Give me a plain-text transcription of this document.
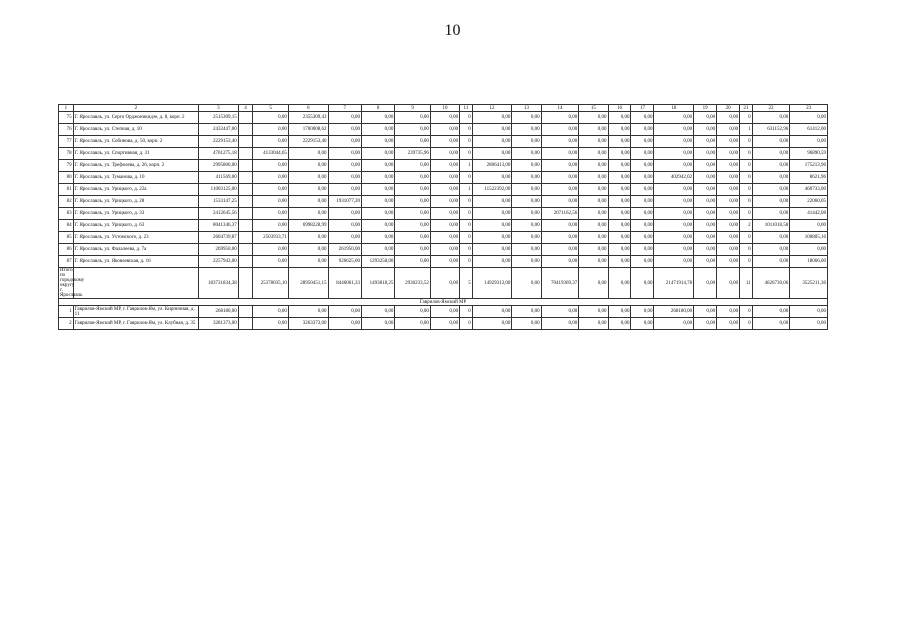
10
1	2	3	4	5	6	7	8	9	10	11	12	13	14	15	16	17	18	19	20	21	22	23
75	Г. Ярославль, ул. Серго Орджоникидзе, д. 8, корп. 2	2515309,15		0,00	2355309,43	0,00	0,00	0,00	0,00	0	0,00	0,00	0,00	0,00	0,00	0,00	0,00	0,00	0,00	0	0,00	0,00
76	Г. Ярославль, ул. Степная, д. 10	2432447,00		0,00	1700008,62	0,00	0,00	0,00	0,00	0	0,00	0,00	0,00	0,00	0,00	0,00	0,00	0,00	0,00	1	631152,96	61412,00
77	Г. Ярославль, ул. Собинова, д. 50, корп. 2	2229153,40		0,00	2229153,40	0,00	0,00	0,00	0,00	0	0,00	0,00	0,00	0,00	0,00	0,00	0,00	0,00	0,00	0	0,00	0,00
78	Г. Ярославль, ул. Спортивная, д. 31	4701275,18		4133044,65	0,00	0,00	0,00	239735,96	0,00	0	0,00	0,00	0,00	0,00	0,00	0,00	0,00	0,00	0,00	0	0,00	96890,59
79	Г. Ярославль, ул. Трефолева, д. 26, корп. 2	2995800,00		0,00	0,00	0,00	0,00	0,00	0,00	1	2806413,00	0,00	0,00	0,00	0,00	0,00	0,00	0,00	0,00	0	0,00	175213,96
80	Г. Ярославль, ул. Туманова, д. 10	411569,00		0,00	0,00	0,00	0,00	0,00	0,00	0	0,00	0,00	0,00	0,00	0,00	0,00	402942,02	0,00	0,00	0	0,00	8621,96
81	Г. Ярославль, ул. Урицкого, д. 22а	11003125,00		0,00	0,00	0,00	0,00	0,00	0,00	1	11522392,00	0,00	0,00	0,00	0,00	0,00	0,00	0,00	0,00	0	0,00	460733,00
82	Г. Ярославль, ул. Урицкого, д. 28	1533147,25		0,00	0,00	1931077,20	0,00	0,00	0,00	0	0,00	0,00	0,00	0,00	0,00	0,00	0,00	0,00	0,00	0	0,00	22060,05
83	Г. Ярославль, ул. Урицкого, д. 33	2412645,56		0,00	0,00	0,00	0,00	0,00	0,00	0	0,00	0,00	2071162,56	0,00	0,00	0,00	0,00	0,00	0,00	0	0,00	41442,08
84	Г. Ярославль, ул. Урицкого, д. 63	8041346,37		0,00	6998228,99	0,00	0,00	0,00	0,00	0	0,00	0,00	0,00	0,00	0,00	0,00	0,00	0,00	0,00	2	1011018,58	0,00
85	Г. Ярославль, ул. Ухтомского, д. 23	2604739,87		2503933,71	0,00	0,00	0,00	0,00	0,00	0	0,00	0,00	0,00	0,00	0,00	0,00	0,00	0,00	0,00	0	0,00	100805,16
86	Г. Ярославль, ул. Фалалеева, д. 7а	269950,00		0,00	0,00	261950,00	0,00	0,00	0,00	0	0,00	0,00	0,00	0,00	0,00	0,00	0,00	0,00	0,00	0	0,00	0,00
87	Г. Ярославль, ул. Яковлевская, д. 16	2257943,00		0,00	0,00	926625,00	1293258,00	0,00	0,00	0	0,00	0,00	0,00	0,00	0,00	0,00	0,00	0,00	0,00	0	0,00	18066,00
Итого по городскому округу г. Ярославль		183731834,38		25378035,10	28950451,15	8446061,33	1493818,25	2930233,52	0,00	5	14929313,00	0,00	70419369,37	0,00	0,00	0,00	21471914,78	0,00	0,00	11	4626730,06	3525211,36
Гаврилов-Ямский МР																						
1	Гаврилов-Ямский МР, г. Гаврилов-Ям, ул. Кирпичная, д. 11	268180,00		0,00	0,00	0,00	0,00	0,00	0,00	0	0,00	0,00	0,00	0,00	0,00	0,00	268180,00	0,00	0,00	0	0,00	0,00
2	Гаврилов-Ямский МР, г. Гаврилов-Ям, ул. Клубная, д. 35	3281373,00		0,00	3263373,00	0,00	0,00	0,00	0,00	0	0,00	0,00	0,00	0,00	0,00	0,00	0,00	0,00	0,00	0	0,00	0,00
